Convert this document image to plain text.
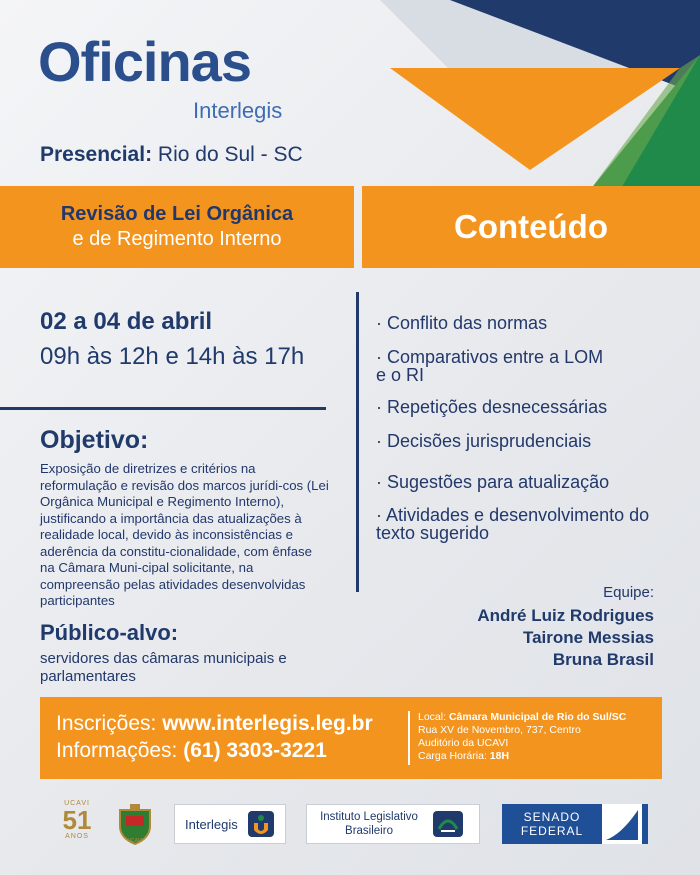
Oficinas
Interlegis
Presencial: Rio do Sul - SC
Revisão de Lei Orgânica
e de Regimento Interno	Conteúdo
02 a 04 de abril
09h às 12h e 14h às 17h
Objetivo:
Exposição de diretrizes e critérios na reformulação e revisão dos marcos jurídi-cos (Lei Orgânica Municipal e Regimento Interno), justificando a importância das atualizações à realidade local, devido às inconsistências e aderência da constitu-cionalidade, com ênfase na Câmara Muni-cipal solicitante, na compreensão pelas atividades desenvolvidas participantes
Público-alvo:
servidores das câmaras municipais e parlamentares
· Conflito das normas
· Comparativos entre a LOM e o RI
· Repetições desnecessárias
· Decisões jurisprudenciais
· Sugestões para atualização
· Atividades e desenvolvimento do texto sugerido
Equipe:
André Luiz Rodrigues
Tairone Messias
Bruna Brasil
Inscrições: www.interlegis.leg.br
Informações: (61) 3303-3221
Local: Câmara Municipal de Rio do Sul/SC
Rua XV de Novembro, 737, Centro
Auditório da UCAVI
Carga Horária: 18H
UCAVI
51
ANOS
UCAVI
Interlegis	Instituto Legislativo
Brasileiro
SENADO
FEDERAL
